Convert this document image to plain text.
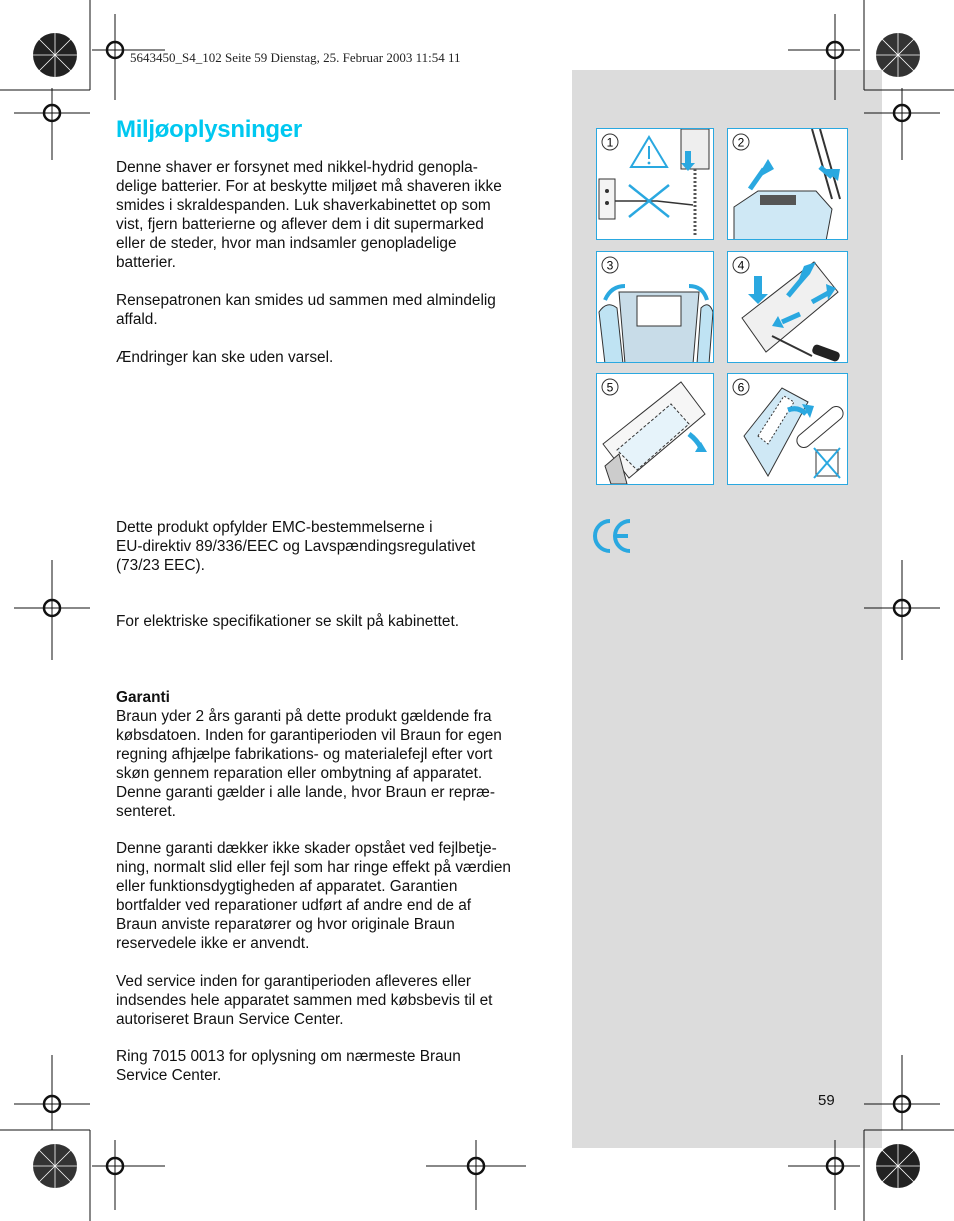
5643450_S4_102 Seite 59 Dienstag, 25. Februar 2003 11:54 11
Miljøoplysninger

Denne shaver er forsynet med nikkel-hydrid genopla-
delige batterier. For at beskytte miljøet må shaveren ikke
smides i skraldespanden. Luk shaverkabinettet op som
vist, fjern batterierne og aflever dem i dit supermarked
eller de steder, hvor man indsamler genopladelige
batterier.

Rensepatronen kan smides ud sammen med almindelig
affald.

Ændringer kan ske uden varsel.

Dette produkt opfylder EMC-bestemmelserne i
EU-direktiv 89/336/EEC og Lavspændingsregulativet
(73/23 EEC).

For elektriske specifikationer se skilt på kabinettet.

Garanti

Braun yder 2 års garanti på dette produkt gældende fra
købsdatoen. Inden for garantiperioden vil Braun for egen
regning afhjælpe fabrikations- og materialefejl efter vort
skøn gennem reparation eller ombytning af apparatet.
Denne garanti gælder i alle lande, hvor Braun er repræ-
senteret.

Denne garanti dækker ikke skader opstået ved fejlbetje-
ning, normalt slid eller fejl som har ringe effekt på værdien
eller funktionsdygtigheden af apparatet. Garantien
bortfalder ved reparationer udført af andre end de af
Braun anviste reparatører og hvor originale Braun
reservedele ikke er anvendt.

Ved service inden for garantiperioden afleveres eller
indsendes hele apparatet sammen med købsbevis til et
autoriseret Braun Service Center.

Ring 7015 0013 for oplysning om nærmeste Braun
Service Center.

1	2
3	4
5	6
59
